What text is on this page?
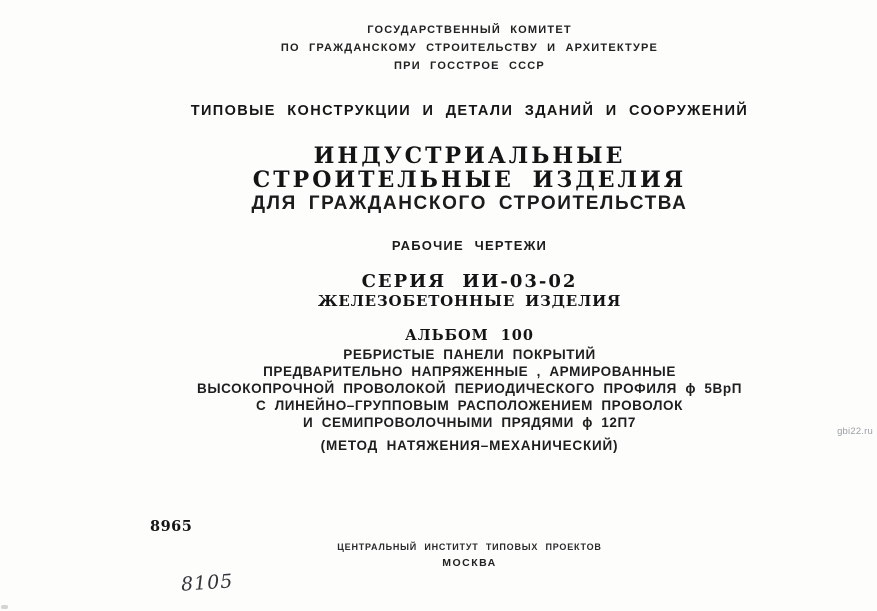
ГОСУДАРСТВЕННЫЙ КОМИТЕТ
ПО ГРАЖДАНСКОМУ СТРОИТЕЛЬСТВУ И АРХИТЕКТУРЕ
ПРИ ГОССТРОЕ СССР
ТИПОВЫЕ КОНСТРУКЦИИ И ДЕТАЛИ ЗДАНИЙ И СООРУЖЕНИЙ
ИНДУСТРИАЛЬНЫЕ
СТРОИТЕЛЬНЫЕ ИЗДЕЛИЯ
ДЛЯ ГРАЖДАНСКОГО СТРОИТЕЛЬСТВА
РАБОЧИЕ ЧЕРТЕЖИ
СЕРИЯ ИИ-03-02
ЖЕЛЕЗОБЕТОННЫЕ ИЗДЕЛИЯ
АЛЬБОМ 100
РЕБРИСТЫЕ ПАНЕЛИ ПОКРЫТИЙ
ПРЕДВАРИТЕЛЬНО НАПРЯЖЕННЫЕ , АРМИРОВАННЫЕ
ВЫСОКОПРОЧНОЙ ПРОВОЛОКОЙ ПЕРИОДИЧЕСКОГО ПРОФИЛЯ ϕ 5ВрП
С ЛИНЕЙНО–ГРУППОВЫМ РАСПОЛОЖЕНИЕМ ПРОВОЛОК
И СЕМИПРОВОЛОЧНЫМИ ПРЯДЯМИ ϕ 12П7
(МЕТОД НАТЯЖЕНИЯ–МЕХАНИЧЕСКИЙ)
8965
ЦЕНТРАЛЬНЫЙ ИНСТИТУТ ТИПОВЫХ ПРОЕКТОВ
МОСКВА
8105
gbi22.ru
